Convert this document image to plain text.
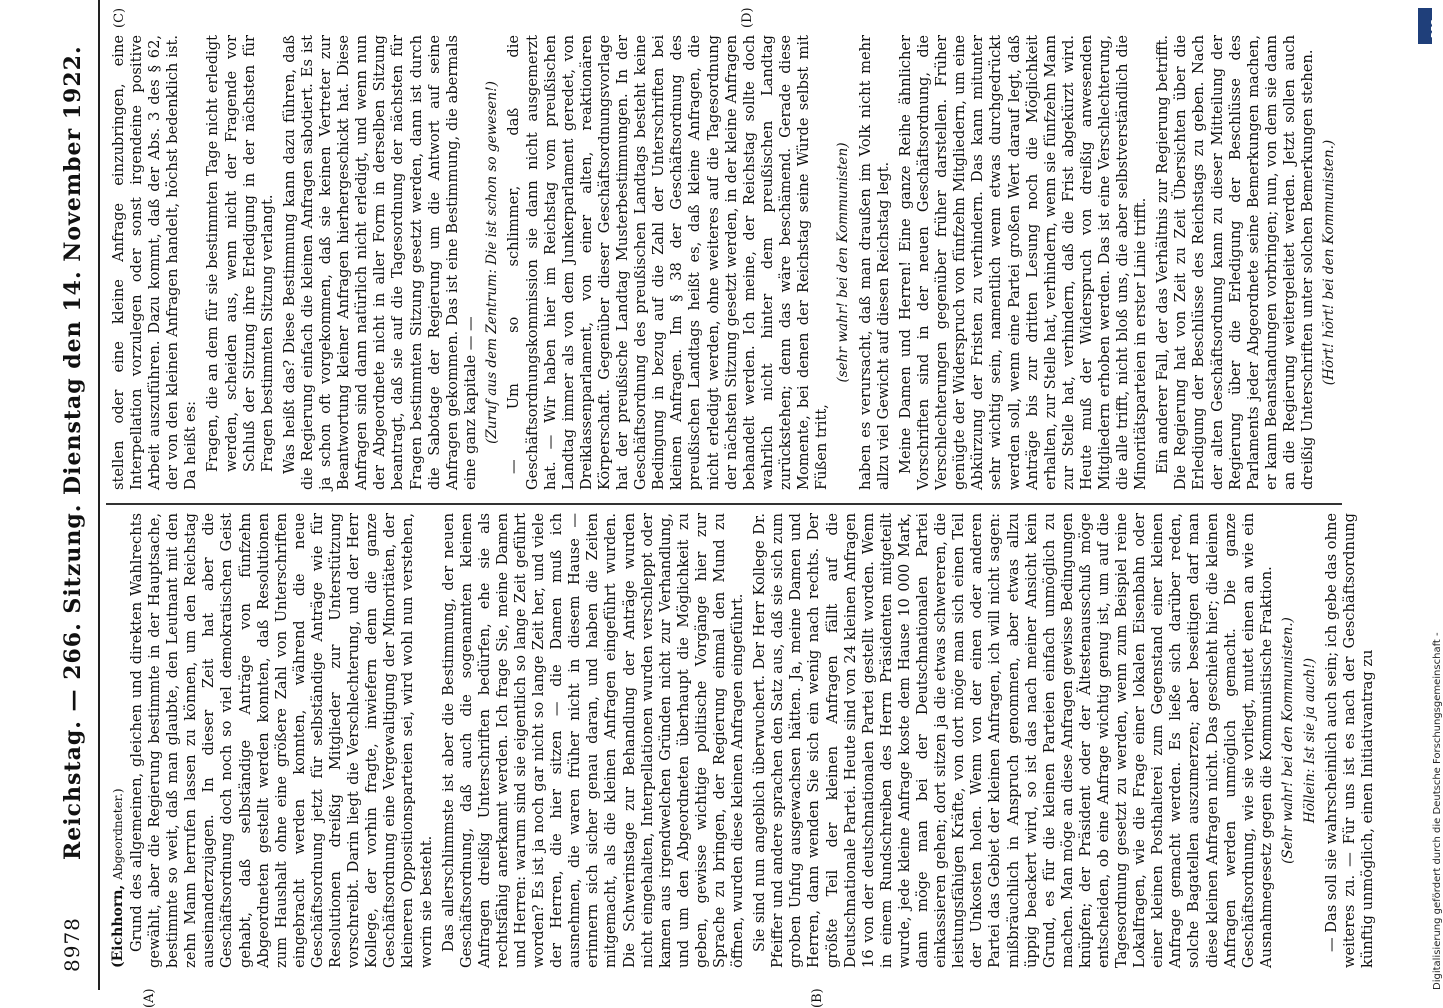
8978
Reichstag. — 266. Sitzung. Dienstag den 14. November 1922.
(Eichhorn, Abgeordneter.) Grund des allgemeinen, gleichen und direkten Wahlrechts gewählt, aber die Regierung bestimmte in der Hauptsache, bestimmte so weit, daß man glaubte, den Leutnant mit den zehn Mann herrufen lassen zu können, um den Reichstag auseinanderzujagen. In dieser Zeit hat aber die Geschäftsordnung doch noch so viel demokratischen Geist gehabt, daß selbständige Anträge von fünfzehn Abgeordneten gestellt werden konnten, daß Resolutionen zum Haushalt ohne eine größere Zahl von Unterschriften eingebracht werden konnten, während die neue Geschäftsordnung jetzt für selbständige Anträge wie für Resolutionen dreißig Mitglieder zur Unterstützung vorschreibt. Darin liegt die Verschlechterung, und der Herr Kollege, der vorhin fragte, inwiefern denn die ganze Geschäftsordnung eine Vergewaltigung der Minoritäten, der kleineren Oppositionsparteien sei, wird wohl nun verstehen, worin sie besteht. Das allerschlimmste ist aber die Bestimmung, der neuen Geschäftsordnung, daß auch die sogenannten kleinen Anfragen dreißig Unterschriften bedürfen, ehe sie als rechtsfähig anerkannt werden. Ich frage Sie, meine Damen und Herren: warum sind sie eigentlich so lange Zeit geführt worden? Es ist ja noch gar nicht so lange Zeit her, und viele der Herren, die hier sitzen — die Damen muß ich ausnehmen, die waren früher nicht in diesem Hause — erinnern sich sicher genau daran, und haben die Zeiten mitgemacht, als die kleinen Anfragen eingeführt wurden. Die Schwerinstage zur Behandlung der Anträge wurden nicht eingehalten, Interpellationen wurden verschleppt oder kamen aus irgendwelchen Gründen nicht zur Verhandlung, und um den Abgeordneten überhaupt die Möglichkeit zu geben, gewisse wichtige politische Vorgänge hier zur Sprache zu bringen, der Regierung einmal den Mund zu öffnen, wurden diese kleinen Anfragen eingeführt. Sie sind nun angeblich überwuchert. Der Herr Kollege Dr. Pfeiffer und andere sprachen den Satz aus, daß sie sich zum groben Unfug ausgewachsen hätten. Ja, meine Damen und Herren, dann wenden Sie sich ein wenig nach rechts. Der größte Teil der kleinen Anfragen fällt auf die Deutschnationale Partei. Heute sind von 24 kleinen Anfragen 16 von der deutschnationalen Partei gestellt worden. Wenn in einem Rundschreiben des Herrn Präsidenten mitgeteilt wurde, jede kleine Anfrage koste dem Hause 10 000 Mark, dann möge man bei der Deutschnationalen Partei einkassieren gehen; dort sitzen ja die etwas schwereren, die leistungsfähigen Kräfte, von dort möge man sich einen Teil der Unkosten holen. Wenn von der einen oder anderen Partei das Gebiet der kleinen Anfragen, ich will nicht sagen: mißbräuchlich in Anspruch genommen, aber etwas allzu üppig beackert wird, so ist das nach meiner Ansicht kein Grund, es für die kleinen Parteien einfach unmöglich zu machen. Man möge an diese Anfragen gewisse Bedingungen knüpfen; der Präsident oder der Ältestenausschuß möge entscheiden, ob eine Anfrage wichtig genug ist, um auf die Tagesordnung gesetzt zu werden, wenn zum Beispiel reine Lokalfragen, wie die Frage einer lokalen Eisenbahn oder einer kleinen Posthalterei zum Gegenstand einer kleinen Anfrage gemacht werden. Es ließe sich darüber reden, solche Bagatellen auszumerzen; aber beseitigen darf man diese kleinen Anfragen nicht. Das geschieht hier; die kleinen Anfragen werden unmöglich gemacht. Die ganze Geschäftsordnung, wie sie vorliegt, mutet einen an wie ein Ausnahmegesetz gegen die Kommunistische Fraktion. (Sehr wahr! bei den Kommunisten.) Höllein: Ist sie ja auch!) — Das soll sie wahrscheinlich auch sein; ich gebe das ohne weiteres zu. — Für uns ist es nach der Geschäftsordnung künftig unmöglich, einen Initiativantrag zu

stellen oder eine kleine Anfrage einzubringen, eine Interpellation vorzulegen oder sonst irgendeine positive Arbeit auszuführen. Dazu kommt, daß der Abs. 3 des § 62, der von den kleinen Anfragen handelt, höchst bedenklich ist. Da heißt es: Fragen, die an dem für sie bestimmten Tage nicht erledigt werden, scheiden aus, wenn nicht der Fragende vor Schluß der Sitzung ihre Erledigung in der nächsten für Fragen bestimmten Sitzung verlangt. Was heißt das? Diese Bestimmung kann dazu führen, daß die Regierung einfach die kleinen Anfragen sabotiert. Es ist ja schon oft vorgekommen, daß sie keinen Vertreter zur Beantwortung kleiner Anfragen hierhergeschickt hat. Diese Anfragen sind dann natürlich nicht erledigt, und wenn nun der Abgeordnete nicht in aller Form in derselben Sitzung beantragt, daß sie auf die Tagesordnung der nächsten für Fragen bestimmten Sitzung gesetzt werden, dann ist durch die Sabotage der Regierung um die Antwort auf seine Anfragen gekommen. Das ist eine Bestimmung, die abermals eine ganz kapitale — — (Zuruf aus dem Zentrum: Die ist schon so gewesen!) — Um so schlimmer, daß die Geschäftsordnungskommission sie dann nicht ausgemerzt hat. — Wir haben hier im Reichstag vom preußischen Landtag immer als von dem Junkerparlament geredet, von Dreiklassenparlament, von einer alten, reaktionären Körperschaft. Gegenüber dieser Geschäftsordnungsvorlage hat der preußische Landtag Musterbestimmungen. In der Geschäftsordnung des preußischen Landtags besteht keine Bedingung in bezug auf die Zahl der Unterschriften bei kleinen Anfragen. Im § 38 der Geschäftsordnung des preußischen Landtags heißt es, daß kleine Anfragen, die nicht erledigt werden, ohne weiteres auf die Tagesordnung der nächsten Sitzung gesetzt werden, in der kleine Anfragen behandelt werden. Ich meine, der Reichstag sollte doch wahrlich nicht hinter dem preußischen Landtag zurückstehen; denn das wäre beschämend. Gerade diese Momente, bei denen der Reichstag seine Würde selbst mit Füßen tritt,

(sehr wahr! bei den Kommunisten) haben es verursacht, daß man draußen im Volk nicht mehr allzu viel Gewicht auf diesen Reichstag legt. Meine Damen und Herren! Eine ganze Reihe ähnlicher Vorschriften sind in der neuen Geschäftsordnung, die Verschlechterungen gegenüber früher darstellen. Früher genügte der Widerspruch von fünfzehn Mitgliedern, um eine Abkürzung der Fristen zu verhindern. Das kann mitunter sehr wichtig sein, namentlich wenn etwas durchgedrückt werden soll, wenn eine Partei großen Wert darauf legt, daß Anträge bis zur dritten Lesung noch die Möglichkeit erhalten, zur Stelle hat, verhindern, wenn sie fünfzehn Mann zur Stelle hat, verhindern, daß die Frist abgekürzt wird. Heute muß der Widerspruch von dreißig anwesenden Mitgliedern erhoben werden. Das ist eine Verschlechterung, die alle trifft, nicht bloß uns, die aber selbstverständlich die Minoritätsparteien in erster Linie trifft. Ein anderer Fall, der das Verhältnis zur Regierung betrifft. Die Regierung hat von Zeit zu Zeit Übersichten über die Erledigung der Beschlüsse des Reichstags zu geben. Nach der alten Geschäftsordnung kann zu dieser Mitteilung der Regierung über die Erledigung der Beschlüsse des Parlaments jeder Abgeordnete seine Bemerkungen machen, er kann Beanstandungen vorbringen; nun, von dem sie dann an die Regierung weitergeleitet werden. Jetzt sollen auch dreißig Unterschriften unter solchen Bemerkungen stehen. (Hört! hört! bei den Kommunisten.)

(A)	(B)
(C)	(D)
DFG
Digitalisierung gefördert durch die Deutsche Forschungsgemeinschaft -
